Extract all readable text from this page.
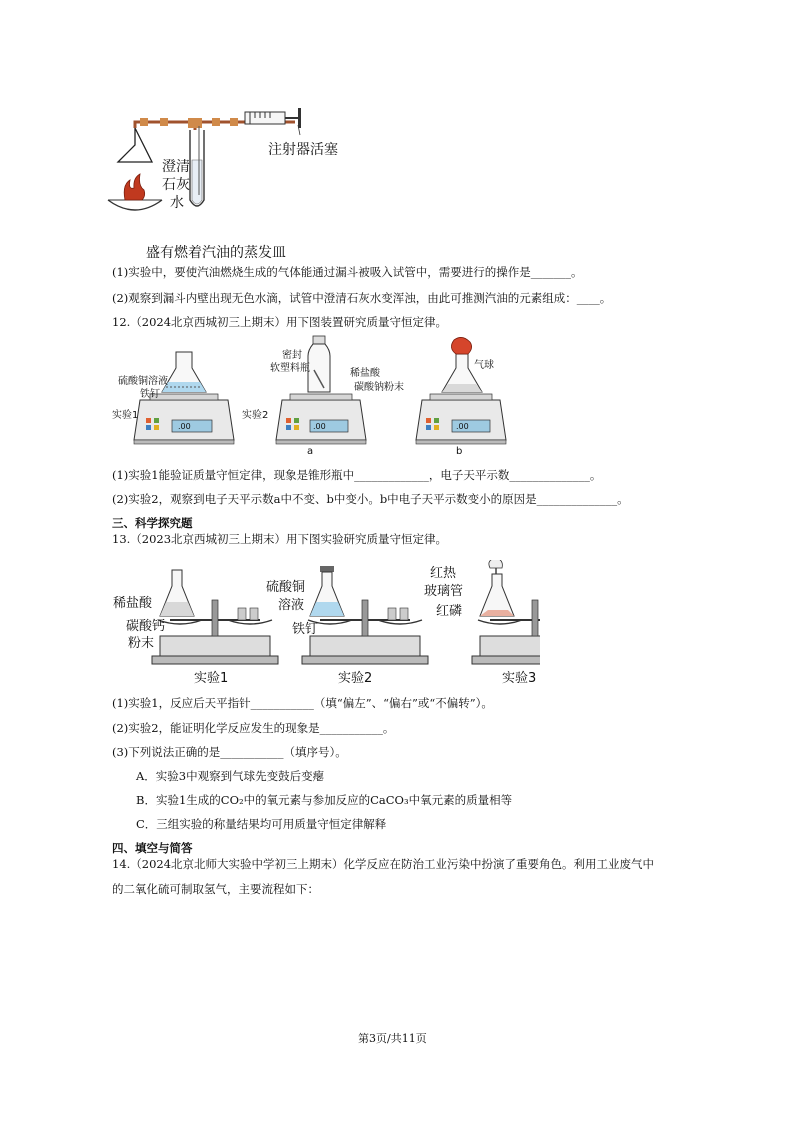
澄清
石灰
水
注射器活塞
盛有燃着汽油的蒸发皿
(1)实验中，要使汽油燃烧生成的气体能通过漏斗被吸入试管中，需要进行的操作是_______。
(2)观察到漏斗内壁出现无色水滴，试管中澄清石灰水变浑浊，由此可推测汽油的元素组成：____。
12.（2024北京西城初三上期末）用下图装置研究质量守恒定律。
硫酸铜溶液
铁钉
实验1	实验2
密封
软塑料瓶	稀盐酸
碳酸钠粉末
气球
.00	.00	.00
a	b
(1)实验1能验证质量守恒定律，现象是锥形瓶中_____________，电子天平示数______________。
(2)实验2，观察到电子天平示数a中不变、b中变小。b中电子天平示数变小的原因是______________。
三、科学探究题
13.（2023北京西城初三上期末）用下图实验研究质量守恒定律。
稀盐酸
碳酸钙
粉末
硫酸铜
溶液
铁钉
红热
玻璃管
红磷
实验1	实验2	实验3
(1)实验1，反应后天平指针___________（填“偏左”、“偏右”或“不偏转”）。
(2)实验2，能证明化学反应发生的现象是___________。
(3)下列说法正确的是___________（填序号）。
A．实验3中观察到气球先变鼓后变瘪
B．实验1生成的CO₂中的氧元素与参加反应的CaCO₃中氧元素的质量相等
C．三组实验的称量结果均可用质量守恒定律解释
四、填空与简答
14.（2024北京北师大实验中学初三上期末）化学反应在防治工业污染中扮演了重要角色。利用工业废气中
的二氧化硫可制取氢气，主要流程如下：
第3页/共11页
